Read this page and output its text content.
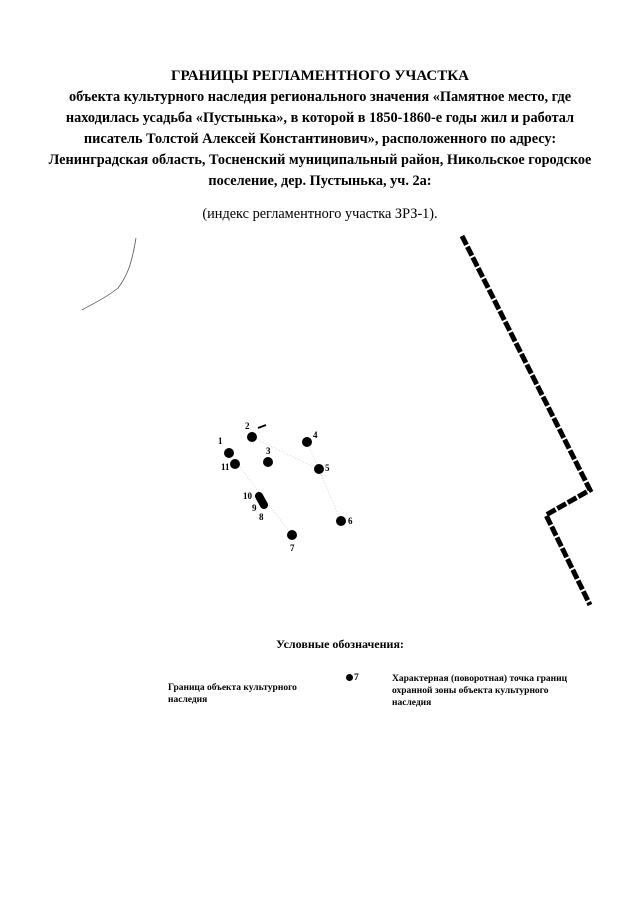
ГРАНИЦЫ РЕГЛАМЕНТНОГО УЧАСТКА

объекта культурного наследия регионального значения «Памятное место, где находилась усадьба «Пустынька», в которой в 1850-1860-е годы жил и работал писатель Толстой Алексей Константинович», расположенного по адресу: Ленинградская область, Тосненский муниципальный район, Никольское городское поселение, дер. Пустынька, уч. 2а:

(индекс регламентного участка ЗРЗ-1).
1
2
3
4
5
6
7
8
9
10
11
Условные обозначения:
Граница объекта культурного наследия
7	Характерная (поворотная) точка границ охранной зоны объекта культурного наследия
